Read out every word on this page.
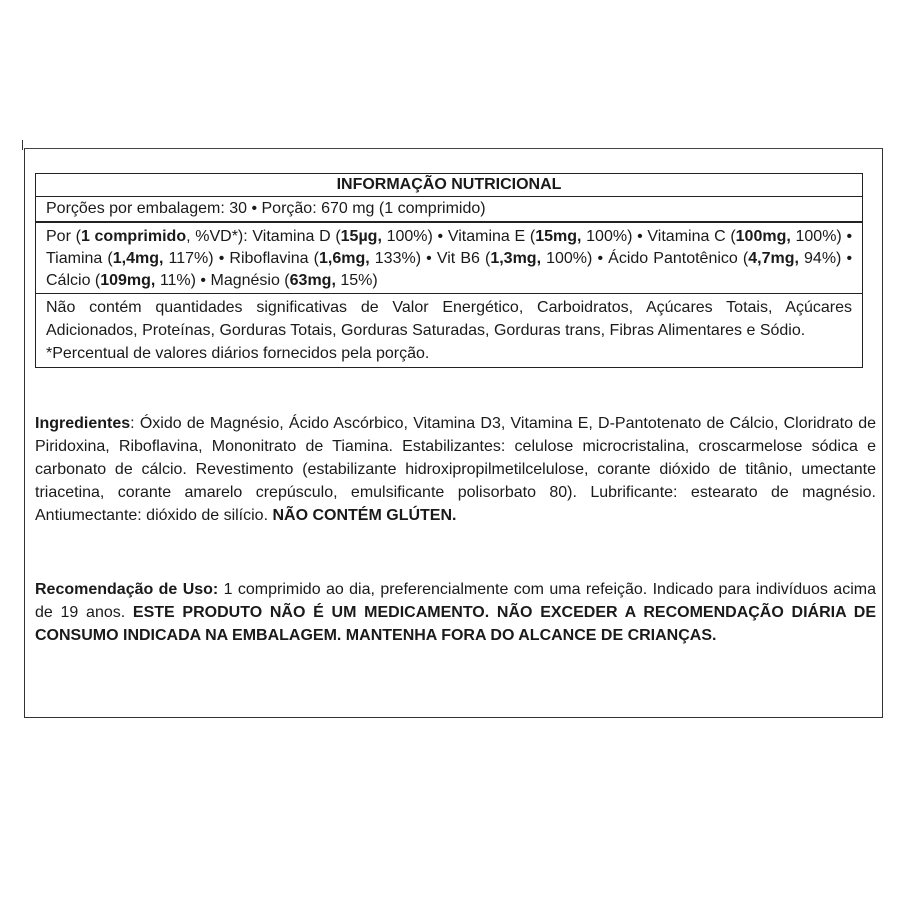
INFORMAÇÃO NUTRICIONAL
Porções por embalagem: 30 • Porção: 670 mg (1 comprimido)
Por (1 comprimido, %VD*): Vitamina D (15µg, 100%) • Vitamina E (15mg, 100%) • Vitamina C (100mg, 100%) • Tiamina (1,4mg, 117%) • Riboflavina (1,6mg, 133%) • Vit B6 (1,3mg, 100%) • Ácido Pantotênico (4,7mg, 94%) • Cálcio (109mg, 11%) • Magnésio (63mg, 15%)
Não contém quantidades significativas de Valor Energético, Carboidratos, Açúcares Totais, Açúcares Adicionados, Proteínas, Gorduras Totais, Gorduras Saturadas, Gorduras trans, Fibras Alimentares e Sódio.
*Percentual de valores diários fornecidos pela porção.
Ingredientes: Óxido de Magnésio, Ácido Ascórbico, Vitamina D3, Vitamina E, D-Pantotenato de Cálcio, Cloridrato de Piridoxina, Riboflavina, Mononitrato de Tiamina. Estabilizantes: celulose microcristalina, croscarmelose sódica e carbonato de cálcio. Revestimento (estabilizante hidroxipropilmetilcelulose, corante dióxido de titânio, umectante triacetina, corante amarelo crepúsculo, emulsificante polisorbato 80). Lubrificante: estearato de magnésio. Antiumectante: dióxido de silício. NÃO CONTÉM GLÚTEN.
Recomendação de Uso: 1 comprimido ao dia, preferencialmente com uma refeição. Indicado para indivíduos acima de 19 anos. ESTE PRODUTO NÃO É UM MEDICAMENTO. NÃO EXCEDER A RECOMENDAÇÃO DIÁRIA DE CONSUMO INDICADA NA EMBALAGEM. MANTENHA FORA DO ALCANCE DE CRIANÇAS.
